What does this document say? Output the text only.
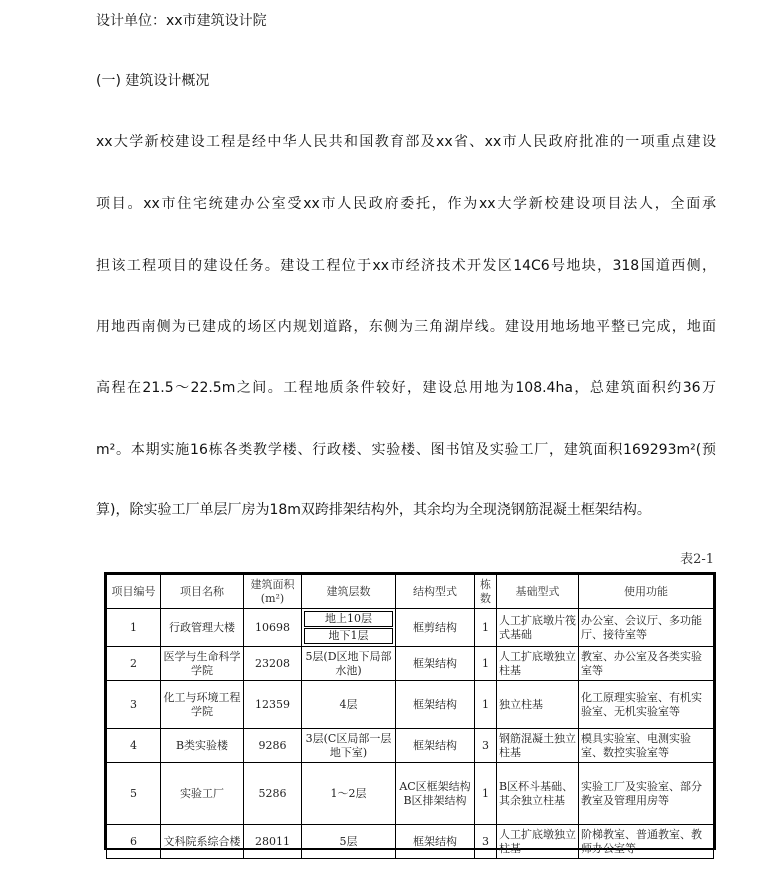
设计单位：xx市建筑设计院
(一) 建筑设计概况
xx大学新校建设工程是经中华人民共和国教育部及xx省、xx市人民政府批准的一项重点建设
项目。xx市住宅统建办公室受xx市人民政府委托，作为xx大学新校建设项目法人，全面承
担该工程项目的建设任务。建设工程位于xx市经济技术开发区14C6号地块，318国道西侧，
用地西南侧为已建成的场区内规划道路，东侧为三角湖岸线。建设用地场地平整已完成，地面
高程在21.5～22.5m之间。工程地质条件较好，建设总用地为108.4ha，总建筑面积约36万
m²。本期实施16栋各类教学楼、行政楼、实验楼、图书馆及实验工厂，建筑面积169293m²(预
算)，除实验工厂单层厂房为18m双跨排架结构外，其余均为全现浇钢筋混凝土框架结构。
表2-1
项目编号	项目名称	建筑面积(m²)	建筑层数	结构型式	栋数	基础型式	使用功能
1	行政管理大楼	10698	地上10层
地下1层	框剪结构	1	人工扩底墩片筏式基础	办公室、会议厅、多功能厅、接待室等
2	医学与生命科学学院	23208	5层(D区地下局部水池)	框架结构	1	人工扩底墩独立柱基	教室、办公室及各类实验室等
3	化工与环境工程学院	12359	4层	框架结构	1	独立柱基	化工原理实验室、有机实验室、无机实验室等
4	B类实验楼	9286	3层(C区局部一层地下室)	框架结构	3	钢筋混凝土独立柱基	模具实验室、电测实验室、数控实验室等
5	实验工厂	5286	1～2层	AC区框架结构B区排架结构	1	B区杯斗基础、其余独立柱基	实验工厂及实验室、部分教室及管理用房等
6	文科院系综合楼	28011	5层	框架结构	3	人工扩底墩独立柱基	阶梯教室、普通教室、教师办公室等
